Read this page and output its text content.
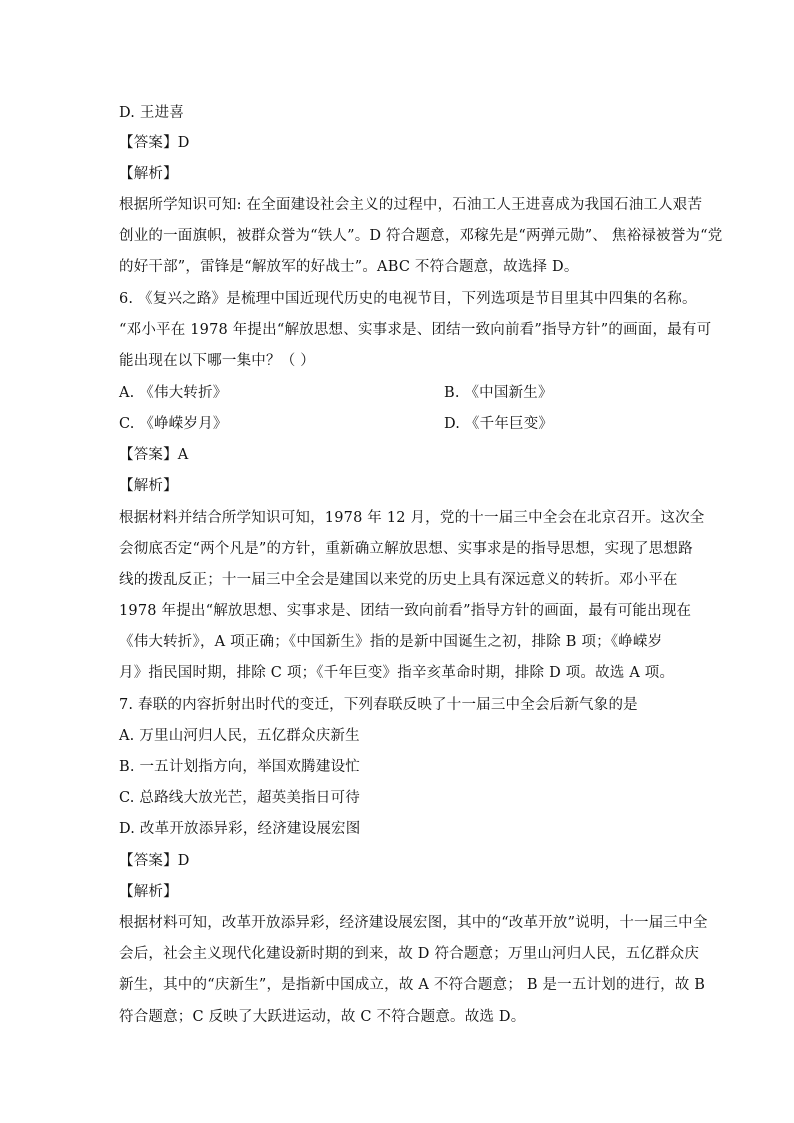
D. 王进喜
【答案】D
【解析】
根据所学知识可知: 在全面建设社会主义的过程中，石油工人王进喜成为我国石油工人艰苦
创业的一面旗帜，被群众誉为“铁人”。D 符合题意，邓稼先是“两弹元勋”、 焦裕禄被誉为“党
的好干部”，雷锋是“解放军的好战士”。ABC 不符合题意，故选择 D。
6. 《复兴之路》是梳理中国近现代历史的电视节目，下列选项是节目里其中四集的名称。
“邓小平在 1978 年提出“解放思想、实事求是、团结一致向前看”指导方针”的画面，最有可
能出现在以下哪一集中？（ ）
A. 《伟大转折》	B. 《中国新生》
C. 《峥嵘岁月》	D. 《千年巨变》
【答案】A
【解析】
根据材料并结合所学知识可知，1978 年 12 月，党的十一届三中全会在北京召开。这次全
会彻底否定“两个凡是”的方针，重新确立解放思想、实事求是的指导思想，实现了思想路
线的拨乱反正；十一届三中全会是建国以来党的历史上具有深远意义的转折。邓小平在
1978 年提出“解放思想、实事求是、团结一致向前看”指导方针的画面，最有可能出现在
《伟大转折》，A 项正确；《中国新生》指的是新中国诞生之初，排除 B 项；《峥嵘岁
月》指民国时期，排除 C 项；《千年巨变》指辛亥革命时期，排除 D 项。故选 A 项。
7. 春联的内容折射出时代的变迁，下列春联反映了十一届三中全会后新气象的是
A. 万里山河归人民，五亿群众庆新生
B. 一五计划指方向，举国欢腾建设忙
C. 总路线大放光芒，超英美指日可待
D. 改革开放添异彩，经济建设展宏图
【答案】D
【解析】
根据材料可知，改革开放添异彩，经济建设展宏图，其中的“改革开放”说明，十一届三中全
会后，社会主义现代化建设新时期的到来，故 D 符合题意；万里山河归人民，五亿群众庆
新生，其中的“庆新生”，是指新中国成立，故 A 不符合题意； B 是一五计划的进行，故 B
符合题意；C 反映了大跃进运动，故 C 不符合题意。故选 D。
